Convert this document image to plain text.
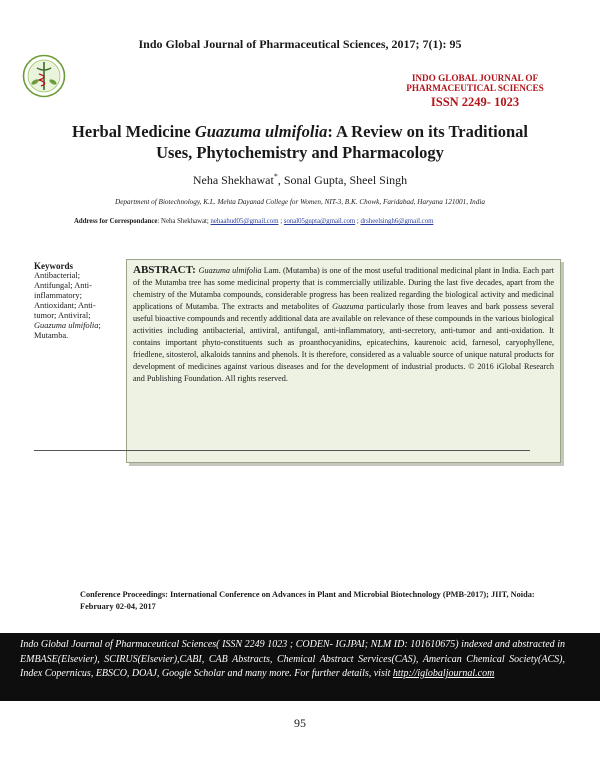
Indo Global Journal of Pharmaceutical Sciences, 2017; 7(1): 95
INDO GLOBAL JOURNAL OF
PHARMACEUTICAL SCIENCES
ISSN 2249- 1023
Herbal Medicine Guazuma ulmifolia: A Review on its Traditional
Uses, Phytochemistry and Pharmacology
Neha Shekhawat*, Sonal Gupta, Sheel Singh
Department of Biotechnology, K.L. Mehta Dayanad College for Women, NIT-3, B.K. Chowk, Faridabad, Haryana 121001, India
Address for Correspondance: Neha Shekhawat; nehaahud05@gmail.com ; sonal05gupta@gmail.com ; drsheelsingh6@gmail.com
Keywords
Antibacterial;
Antifungal; Anti-
inflammatory;
Antioxidant; Anti-
tumor; Antiviral;
Guazuma ulmifolia;
Mutamba.
ABSTRACT: Guazuma ulmifolia Lam. (Mutamba) is one of the most useful traditional medicinal plant in India. Each part of the Mutamba tree has some medicinal property that is commercially utilizable. During the last five decades, apart from the chemistry of the Mutamba compounds, considerable progress has been realized regarding the biological activity and medicinal applications of Mutamba. The extracts and metabolites of Guazuma particularly those from leaves and bark possess several useful bioactive compounds and recently additional data are available on relevance of these compounds in the various biological activities including antibacterial, antiviral, antifungal, anti-inflammatory, anti-secretory, anti-tumor and anti-oxidation. It contains important phyto-constituents such as proanthocyanidins, epicatechins, kaurenoic acid, farnesol, caryophyllene, friedlene, sitosterol, alkaloids tannins and phenols. It is therefore, considered as a valuable source of unique natural products for development of medicines against various diseases and for the development of industrial products. © 2016 iGlobal Research and Publishing Foundation. All rights reserved.
Conference Proceedings: International Conference on Advances in Plant and Microbial Biotechnology (PMB-2017); JIIT, Noida: February 02-04, 2017
Indo Global Journal of Pharmaceutical Sciences( ISSN 2249 1023 ; CODEN- IGJPAI; NLM ID: 101610675) indexed and abstracted in EMBASE(Elsevier), SCIRUS(Elsevier),CABI, CAB Abstracts, Chemical Abstract Services(CAS), American Chemical Society(ACS), Index Copernicus, EBSCO, DOAJ, Google Scholar and many more. For further details, visit http://iglobaljournal.com
95
